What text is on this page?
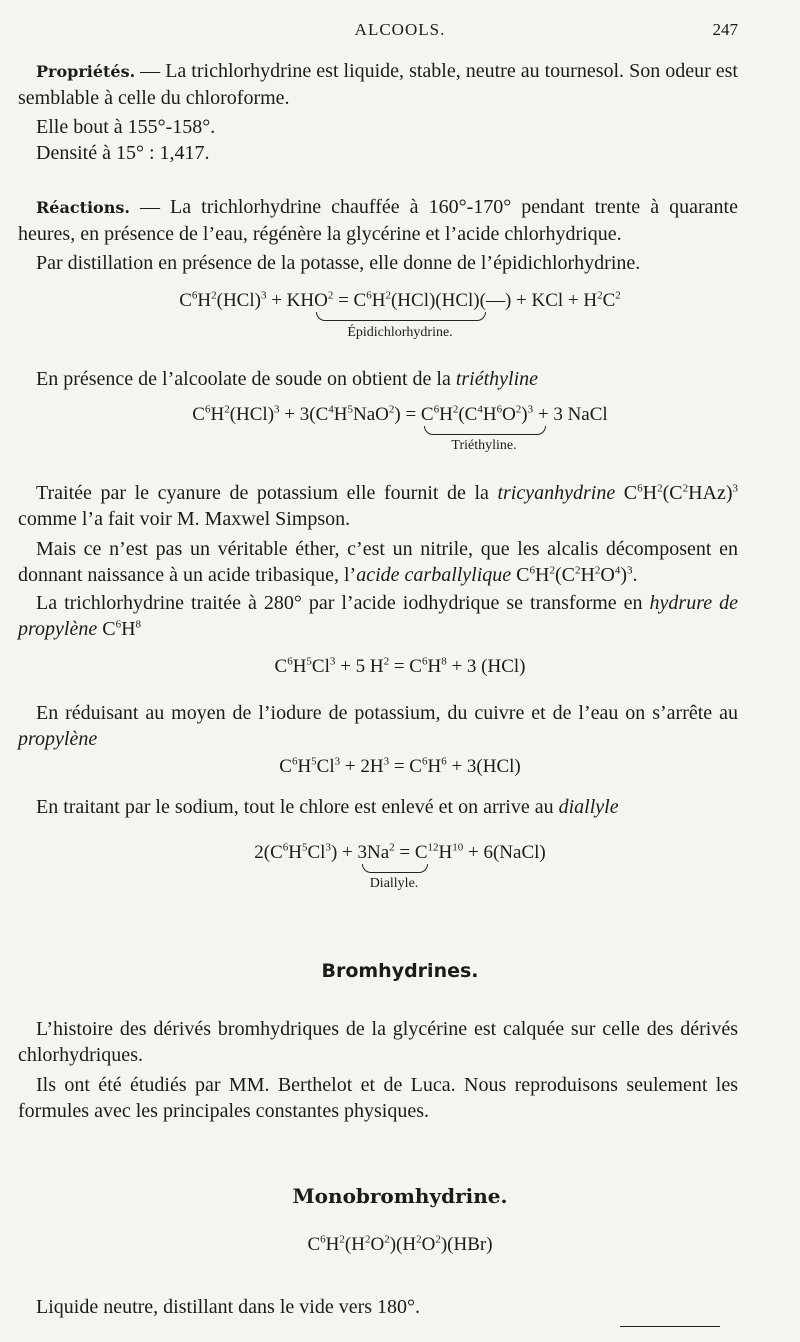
ALCOOLS.	247
Propriétés. — La trichlorhydrine est liquide, stable, neutre au tournesol. Son odeur est semblable à celle du chloroforme.
Elle bout à 155°-158°.
Densité à 15° : 1,417.
Réactions. — La trichlorhydrine chauffée à 160°-170° pendant trente à quarante heures, en présence de l’eau, régénère la glycérine et l’acide chlorhydrique.
Par distillation en présence de la potasse, elle donne de l’épidichlorhydrine.
$C^6H^2(HCl)^3 + KHO^2$ = $C^6H^2(HCl)(HCl)(—)$ + KCl + $H^2C^2$
Épidichlorhydrine.
En présence de l’alcoolate de soude on obtient de la triéthyline
$C^6H^2(HCl)^3 + 3(C^4H^5NaO^2) = C^6H^2(C^4H^6O^2)^3 + 3$ NaCl
Triéthyline.
Traitée par le cyanure de potassium elle fournit de la tricyanhydrine $C^6H^2(C^2HAz)^3$ comme l’a fait voir M. Maxwel Simpson.
Mais ce n’est pas un véritable éther, c’est un nitrile, que les alcalis décomposent en donnant naissance à un acide tribasique, l’acide carballylique $C^6H^2(C^2H^2O^4)^3$.
La trichlorhydrine traitée à 280° par l’acide iodhydrique se transforme en hydrure de propylène $C^6H^8$
$C^6H^5Cl^3 + 5$ $H^2 = C^6H^8 + 3$ (HCl)
En réduisant au moyen de l’iodure de potassium, du cuivre et de l’eau on s’arrête au propylène
$C^6H^5Cl^3 + 2H^3 = C^6H^6 + 3(HCl)$
En traitant par le sodium, tout le chlore est enlevé et on arrive au diallyle
$2(C^6H^5Cl^3) + 3Na^2 = C^{12}H^{10}$ + 6(NaCl)
Diallyle.
Bromhydrines.
L’histoire des dérivés bromhydriques de la glycérine est calquée sur celle des dérivés chlorhydriques.
Ils ont été étudiés par MM. Berthelot et de Luca. Nous reproduisons seulement les formules avec les principales constantes physiques.
Monobromhydrine.
$C^6H^2(H^2O^2)(H^2O^2)(HBr)$
Liquide neutre, distillant dans le vide vers 180°.
